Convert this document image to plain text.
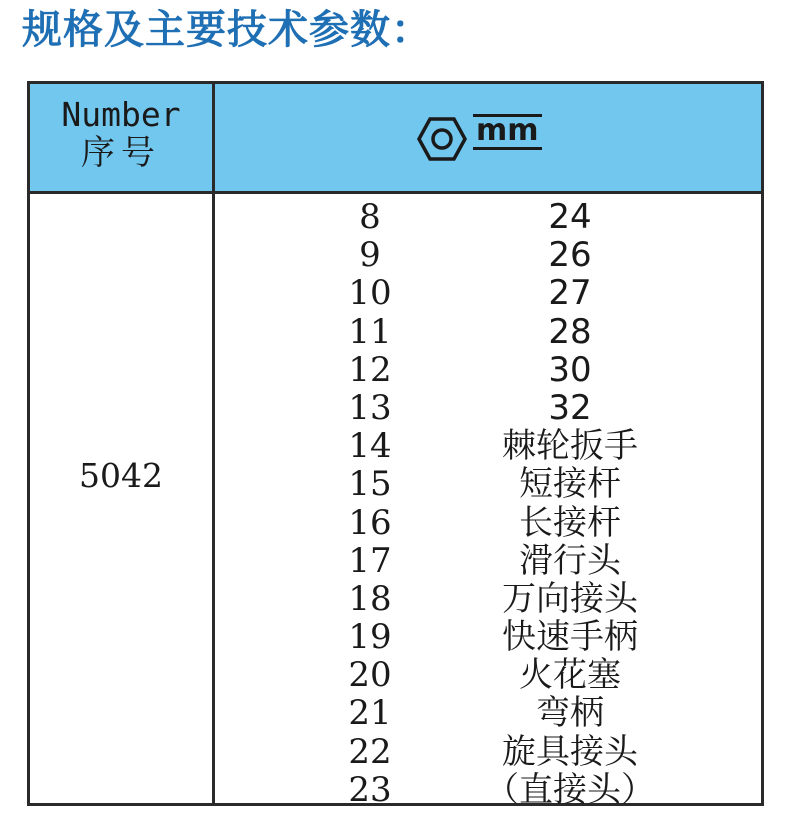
规格及主要技术参数：
Number
序号
mm
5042
8
9
10
11
12
13
14
15
16
17
18
19
20
21
22
23
24
26
27
28
30
32
棘轮扳手
短接杆
长接杆
滑行头
万向接头
快速手柄
火花塞
弯柄
旋具接头
（直接头）
